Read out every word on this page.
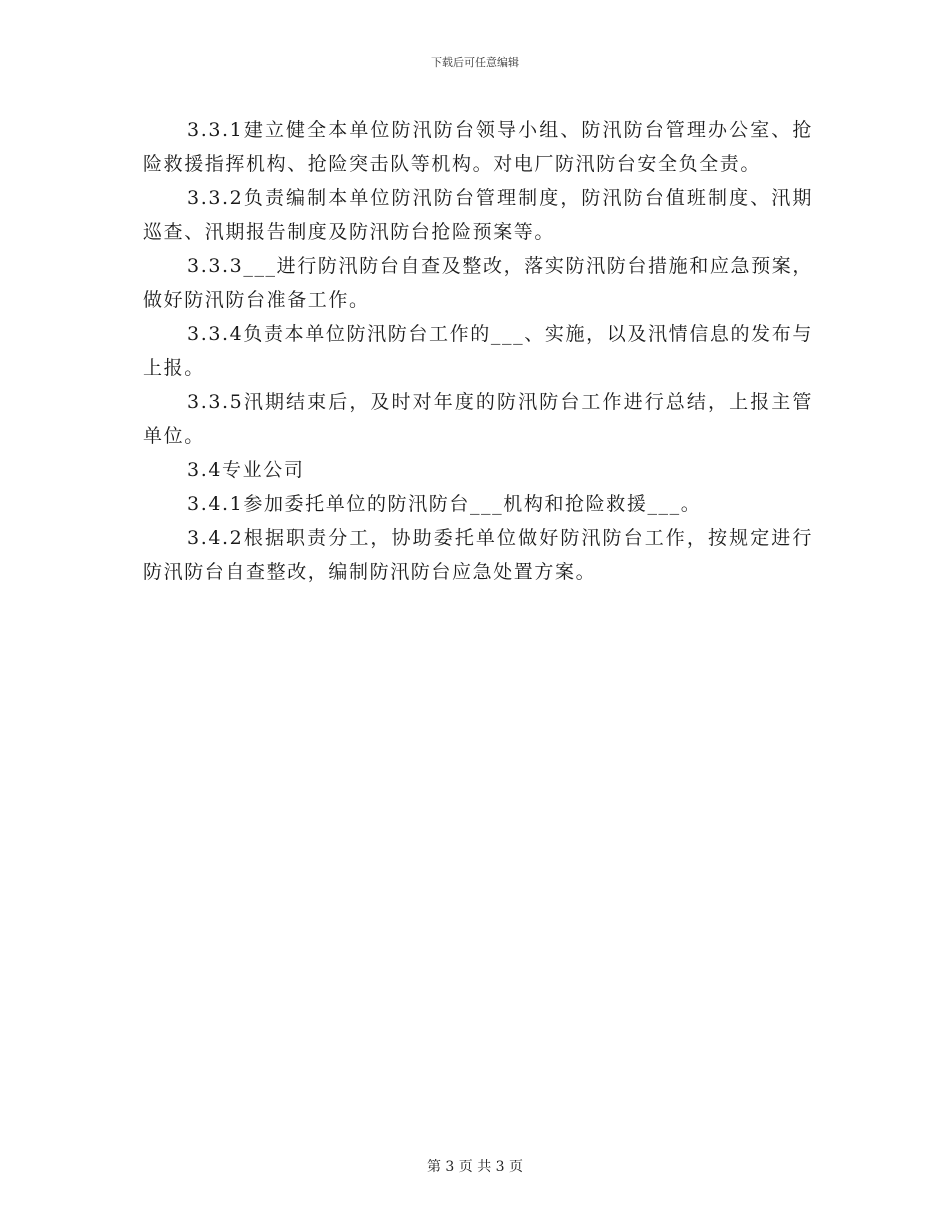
下载后可任意编辑

3.3.1建立健全本单位防汛防台领导小组、防汛防台管理办公室、抢险救援指挥机构、抢险突击队等机构。对电厂防汛防台安全负全责。

3.3.2负责编制本单位防汛防台管理制度，防汛防台值班制度、汛期巡查、汛期报告制度及防汛防台抢险预案等。

3.3.3___进行防汛防台自查及整改，落实防汛防台措施和应急预案，做好防汛防台准备工作。

3.3.4负责本单位防汛防台工作的___、实施，以及汛情信息的发布与上报。

3.3.5汛期结束后，及时对年度的防汛防台工作进行总结，上报主管单位。

3.4专业公司

3.4.1参加委托单位的防汛防台___机构和抢险救援___。

3.4.2根据职责分工，协助委托单位做好防汛防台工作，按规定进行防汛防台自查整改，编制防汛防台应急处置方案。

第 3 页 共 3 页
